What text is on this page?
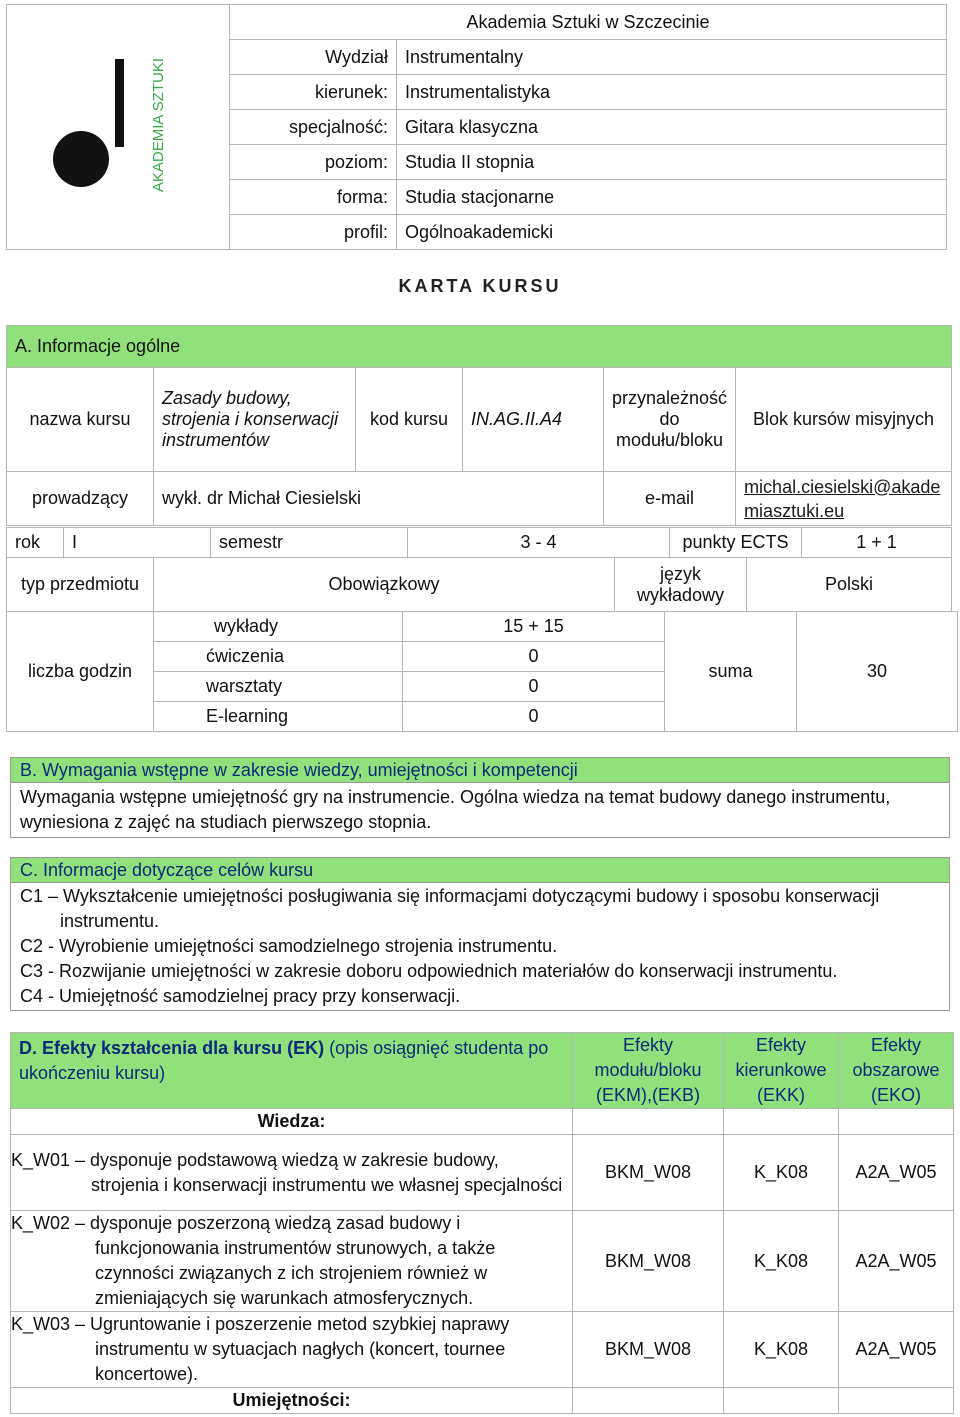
AKADEMIA SZTUKI	Akademia Sztuki w Szczecinie	
	Wydział	Instrumentalny
	kierunek:	Instrumentalistyka
	specjalność:	Gitara klasyczna
	poziom:	Studia II stopnia
	forma:	Studia stacjonarne
	profil:	Ogólnoakademicki
KARTA KURSU
A. Informacje ogólne					
nazwa kursu	Zasady budowy, strojenia i konserwacji instrumentów	kod kursu	IN.AG.II.A4	przynależność do modułu/bloku	Blok kursów misyjnych
prowadzący	wykł. dr Michał Ciesielski			e-mail	michal.ciesielski@akademiasztuki.eu
rok	I	semestr	3 - 4	punkty ECTS	1 + 1
typ przedmiotu	Obowiązkowy	język wykładowy	Polski
liczba godzin	wykłady	15 + 15	suma	30
	ćwiczenia	0		
	warsztaty	0		
	E-learning	0		
B. Wymagania wstępne w zakresie wiedzy, umiejętności i kompetencji
Wymagania wstępne umiejętność gry na instrumencie. Ogólna wiedza na temat budowy danego instrumentu, wyniesiona z zajęć na studiach pierwszego stopnia.
C. Informacje dotyczące celów kursu

C1 – Wykształcenie umiejętności posługiwania się informacjami dotyczącymi budowy i sposobu konserwacji instrumentu.

C2 - Wyrobienie umiejętności samodzielnego strojenia instrumentu.

C3 - Rozwijanie umiejętności w zakresie doboru odpowiednich materiałów do konserwacji instrumentu.

C4 - Umiejętność samodzielnej pracy przy konserwacji.

D. Efekty kształcenia dla kursu (EK) (opis osiągnięć studenta po ukończeniu kursu)	Efekty modułu/bloku (EKM),(EKB)	Efekty kierunkowe (EKK)	Efekty obszarowe (EKO)
Wiedza:			
K_W01 – dysponuje podstawową wiedzą w zakresie budowy, strojenia i konserwacji instrumentu we własnej specjalności	BKM_W08	K_K08	A2A_W05
K_W02 – dysponuje poszerzoną wiedzą zasad budowy i funkcjonowania instrumentów strunowych, a także czynności związanych z ich strojeniem również w zmieniających się warunkach atmosferycznych.	BKM_W08	K_K08	A2A_W05
K_W03 – Ugruntowanie i poszerzenie metod szybkiej naprawy instrumentu w sytuacjach nagłych (koncert, tournee koncertowe).	BKM_W08	K_K08	A2A_W05
Umiejętności:			
